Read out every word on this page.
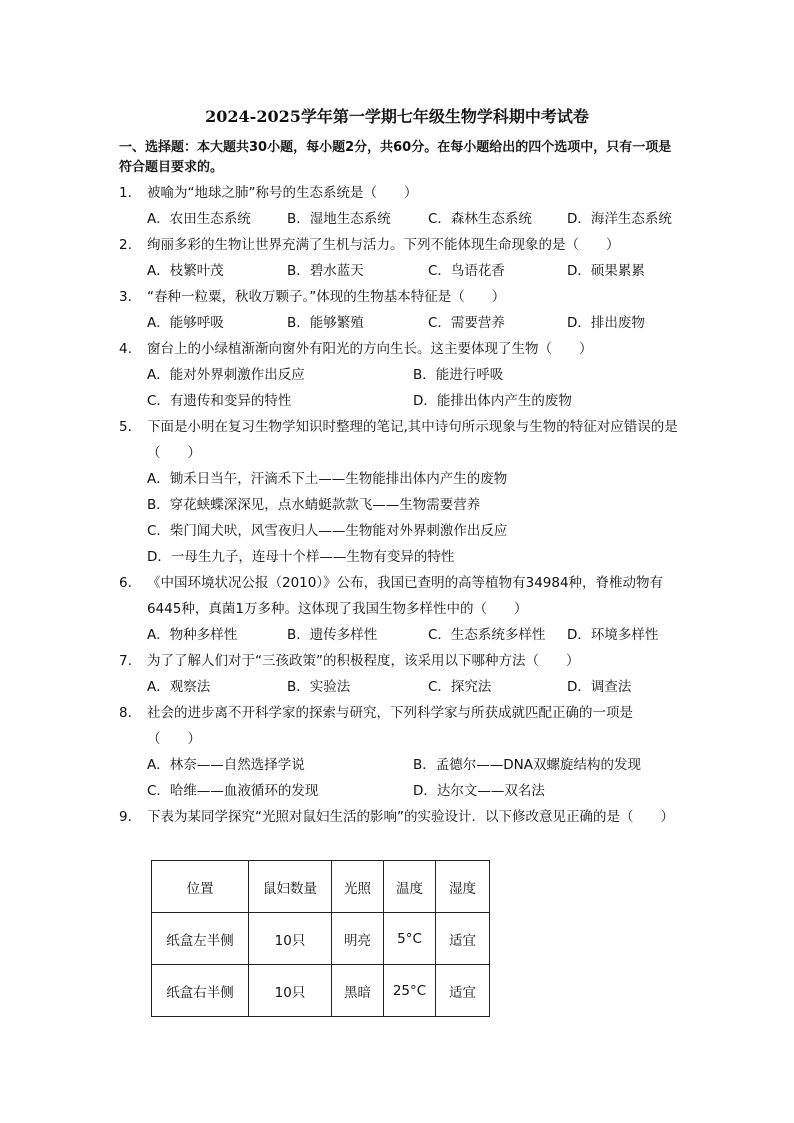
2024-2025学年第一学期七年级生物学科期中考试卷
一、选择题：本大题共30小题，每小题2分，共60分。在每小题给出的四个选项中，只有一项是符合题目要求的。
1. 被喻为“地球之肺”称号的生态系统是（　　）
A．农田生态系统	B．湿地生态系统	C．森林生态系统	D．海洋生态系统
2. 绚丽多彩的生物让世界充满了生机与活力。下列不能体现生命现象的是（　　）
A．枝繁叶茂	B．碧水蓝天	C．鸟语花香	D．硕果累累
3. “春种一粒粟，秋收万颗子。”体现的生物基本特征是（　　）
A．能够呼吸	B．能够繁殖	C．需要营养	D．排出废物
4. 窗台上的小绿植渐渐向窗外有阳光的方向生长。这主要体现了生物（　　）
A．能对外界刺激作出反应	B．能进行呼吸
C．有遗传和变异的特性	D．能排出体内产生的废物
5. 下面是小明在复习生物学知识时整理的笔记,其中诗句所示现象与生物的特征对应错误的是（　　）
A．锄禾日当午，汗滴禾下土——生物能排出体内产生的废物
B．穿花蛱蝶深深见，点水蜻蜓款款飞——生物需要营养
C．柴门闻犬吠，风雪夜归人——生物能对外界刺激作出反应
D．一母生九子，连母十个样——生物有变异的特性
6. 《中国环境状况公报（2010）》公布，我国已查明的高等植物有34984种，脊椎动物有6445种，真菌1万多种。这体现了我国生物多样性中的（　　）
A．物种多样性	B．遗传多样性	C．生态系统多样性 D．环境多样性
7. 为了了解人们对于“三孩政策”的积极程度，该采用以下哪种方法（　　）
A．观察法	B．实验法	C．探究法	D．调查法
8. 社会的进步离不开科学家的探索与研究，下列科学家与所获成就匹配正确的一项是（　　）
A．林奈——自然选择学说	B．孟德尔——DNA双螺旋结构的发现
C．哈维——血液循环的发现	D．达尔文——双名法
9. 下表为某同学探究“光照对鼠妇生活的影响”的实验设计．以下修改意见正确的是（　　）
位置	鼠妇数量	光照	温度	湿度
纸盒左半侧	10只	明亮	5°C	适宜
纸盒右半侧	10只	黑暗	25°C	适宜
